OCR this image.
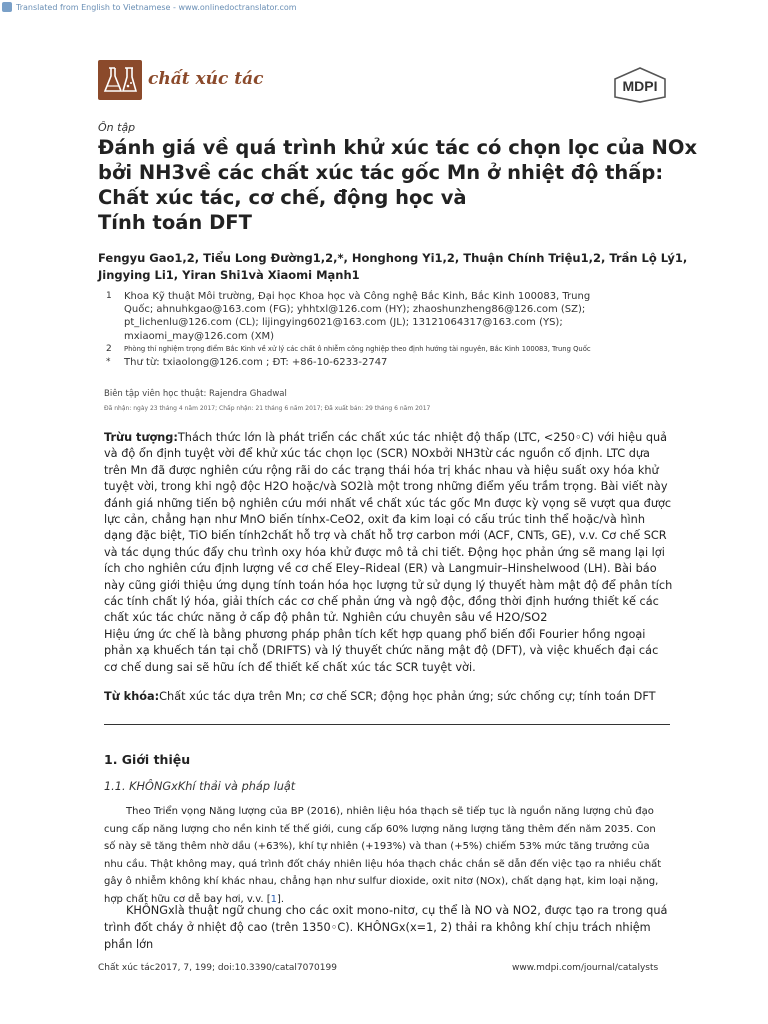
Translated from English to Vietnamese - www.onlinedoctranslator.com
chất xúc tác	MDPI
Ôn tập
Đánh giá về quá trình khử xúc tác có chọn lọc của NOx
bởi NH3về các chất xúc tác gốc Mn ở nhiệt độ thấp:
Chất xúc tác, cơ chế, động học và
Tính toán DFT
Fengyu Gao1,2, Tiểu Long Đường1,2,*, Honghong Yi1,2, Thuận Chính Triệu1,2, Trần Lộ Lý1,
Jingying Li1, Yiran Shi1và Xiaomi Mạnh1
1	Khoa Kỹ thuật Môi trường, Đại học Khoa học và Công nghệ Bắc Kinh, Bắc Kinh 100083, Trung
Quốc; ahnuhkgao@163.com (FG); yhhtxl@126.com (HY); zhaoshunzheng86@126.com (SZ);
pt_lichenlu@126.com (CL); lijingying6021@163.com (JL); 13121064317@163.com (YS);
mxiaomi_may@126.com (XM)
2	Phòng thí nghiệm trọng điểm Bắc Kinh về xử lý các chất ô nhiễm công nghiệp theo định hướng tài nguyên, Bắc Kinh 100083, Trung Quốc
*	Thư từ: txiaolong@126.com ; ĐT: +86-10-6233-2747
Biên tập viên học thuật: Rajendra Ghadwal
Đã nhận: ngày 23 tháng 4 năm 2017; Chấp nhận: 21 tháng 6 năm 2017; Đã xuất bản: 29 tháng 6 năm 2017

Trừu tượng:Thách thức lớn là phát triển các chất xúc tác nhiệt độ thấp (LTC, <250◦C) với hiệu quả và độ ổn định tuyệt vời để khử xúc tác chọn lọc (SCR) NOxbởi NH3từ các nguồn cố định. LTC dựa trên Mn đã được nghiên cứu rộng rãi do các trạng thái hóa trị khác nhau và hiệu suất oxy hóa khử tuyệt vời, trong khi ngộ độc H2O hoặc/và SO2là một trong những điểm yếu trầm trọng. Bài viết này đánh giá những tiến bộ nghiên cứu mới nhất về chất xúc tác gốc Mn được kỳ vọng sẽ vượt qua được lực cản, chẳng hạn như MnO biến tínhx-CeO2, oxit đa kim loại có cấu trúc tinh thể hoặc/và hình dạng đặc biệt, TiO biến tính2chất hỗ trợ và chất hỗ trợ carbon mới (ACF, CNTs, GE), v.v. Cơ chế SCR và tác dụng thúc đẩy chu trình oxy hóa khử được mô tả chi tiết. Động học phản ứng sẽ mang lại lợi ích cho nghiên cứu định lượng về cơ chế Eley–Rideal (ER) và Langmuir–Hinshelwood (LH). Bài báo này cũng giới thiệu ứng dụng tính toán hóa học lượng tử sử dụng lý thuyết hàm mật độ để phân tích các tính chất lý hóa, giải thích các cơ chế phản ứng và ngộ độc, đồng thời định hướng thiết kế các chất xúc tác chức năng ở cấp độ phân tử. Nghiên cứu chuyên sâu về H2O/SO2

Hiệu ứng ức chế là bằng phương pháp phân tích kết hợp quang phổ biến đổi Fourier hồng ngoại phản xạ khuếch tán tại chỗ (DRIFTS) và lý thuyết chức năng mật độ (DFT), và việc khuếch đại các cơ chế dung sai sẽ hữu ích để thiết kế chất xúc tác SCR tuyệt vời.

Từ khóa:Chất xúc tác dựa trên Mn; cơ chế SCR; động học phản ứng; sức chống cự; tính toán DFT
1. Giới thiệu
1.1. KHÔNGxKhí thải và pháp luật
Theo Triển vọng Năng lượng của BP (2016), nhiên liệu hóa thạch sẽ tiếp tục là nguồn năng lượng chủ đạo cung cấp năng lượng cho nền kinh tế thế giới, cung cấp 60% lượng năng lượng tăng thêm đến năm 2035. Con số này sẽ tăng thêm nhờ dầu (+63%), khí tự nhiên (+193%) và than (+5%) chiếm 53% mức tăng trưởng của nhu cầu. Thật không may, quá trình đốt cháy nhiên liệu hóa thạch chắc chắn sẽ dẫn đến việc tạo ra nhiều chất gây ô nhiễm không khí khác nhau, chẳng hạn như sulfur dioxide, oxit nitơ (NOx), chất dạng hạt, kim loại nặng, hợp chất hữu cơ dễ bay hơi, v.v. [1].
KHÔNGxlà thuật ngữ chung cho các oxit mono-nitơ, cụ thể là NO và NO2, được tạo ra trong quá trình đốt cháy ở nhiệt độ cao (trên 1350◦C). KHÔNGx(x=1, 2) thải ra không khí chịu trách nhiệm phần lớn
Chất xúc tác2017, 7, 199; doi:10.3390/catal7070199	www.mdpi.com/journal/catalysts
